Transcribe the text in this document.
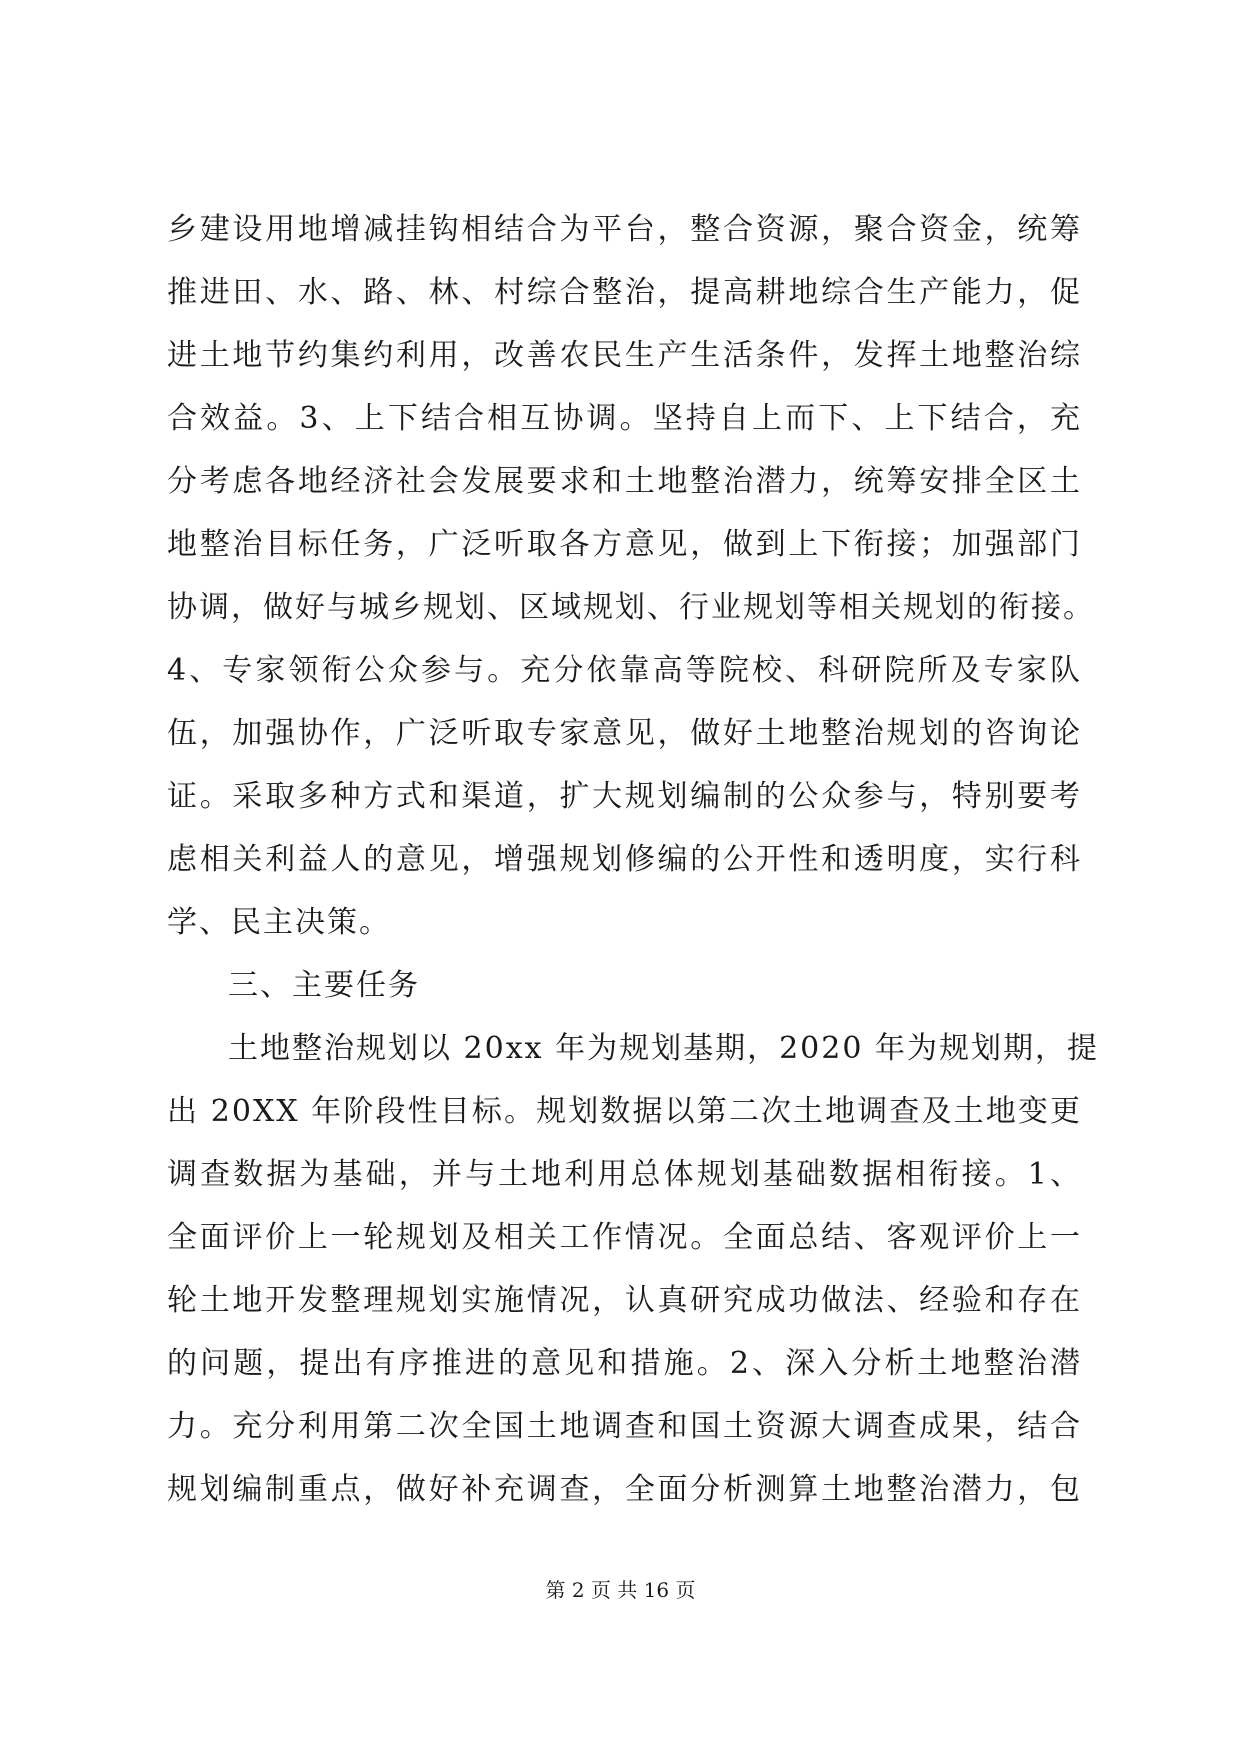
乡建设用地增减挂钩相结合为平台，整合资源，聚合资金，统筹
推进田、水、路、林、村综合整治，提高耕地综合生产能力，促
进土地节约集约利用，改善农民生产生活条件，发挥土地整治综
合效益。3、上下结合相互协调。坚持自上而下、上下结合，充
分考虑各地经济社会发展要求和土地整治潜力，统筹安排全区土
地整治目标任务，广泛听取各方意见，做到上下衔接；加强部门
协调，做好与城乡规划、区域规划、行业规划等相关规划的衔接。
4、专家领衔公众参与。充分依靠高等院校、科研院所及专家队
伍，加强协作，广泛听取专家意见，做好土地整治规划的咨询论
证。采取多种方式和渠道，扩大规划编制的公众参与，特别要考
虑相关利益人的意见，增强规划修编的公开性和透明度，实行科
学、民主决策。
三、主要任务
土地整治规划以 20xx 年为规划基期，2020 年为规划期，提
出 20XX 年阶段性目标。规划数据以第二次土地调查及土地变更
调查数据为基础，并与土地利用总体规划基础数据相衔接。1、
全面评价上一轮规划及相关工作情况。全面总结、客观评价上一
轮土地开发整理规划实施情况，认真研究成功做法、经验和存在
的问题，提出有序推进的意见和措施。2、深入分析土地整治潜
力。充分利用第二次全国土地调查和国土资源大调查成果，结合
规划编制重点，做好补充调查，全面分析测算土地整治潜力，包
第 2 页 共 16 页
